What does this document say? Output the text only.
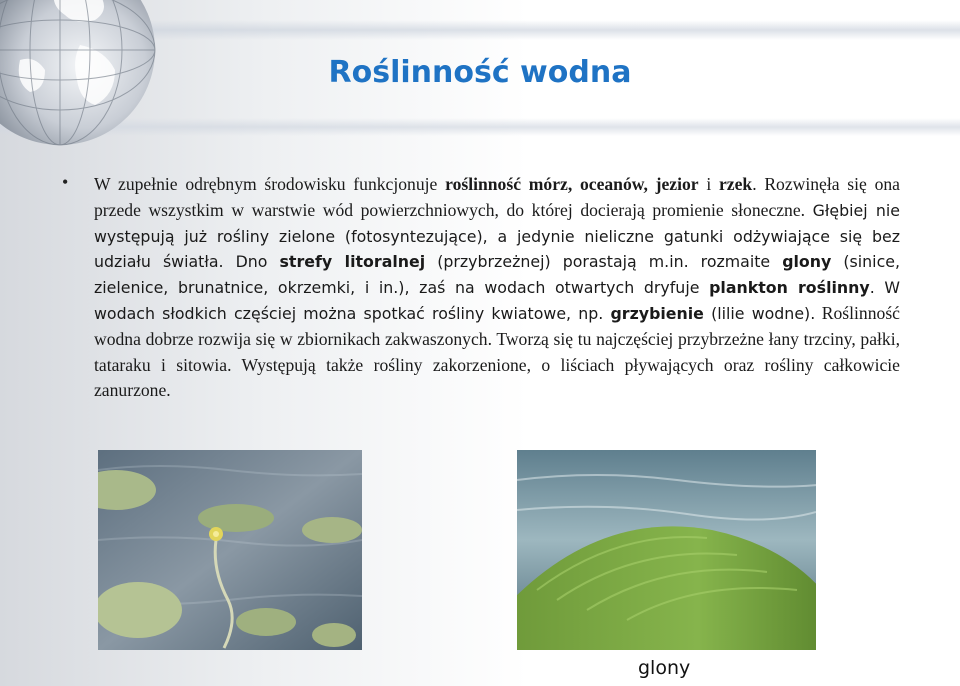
Roślinność wodna
• W zupełnie odrębnym środowisku funkcjonuje roślinność mórz, oceanów, jezior i rzek. Rozwinęła się ona przede wszystkim w warstwie wód powierzchniowych, do której docierają promienie słoneczne. Głębiej nie występują już rośliny zielone (fotosyntezujące), a jedynie nieliczne gatunki odżywiające się bez udziału światła. Dno strefy litoralnej (przybrzeżnej) porastają m.in. rozmaite glony (sinice, zielenice, brunatnice, okrzemki, i in.), zaś na wodach otwartych dryfuje plankton roślinny. W wodach słodkich częściej można spotkać rośliny kwiatowe, np. grzybienie (lilie wodne). Roślinność wodna dobrze rozwija się w zbiornikach zakwaszonych. Tworzą się tu najczęściej przybrzeżne łany trzciny, pałki, tataraku i sitowia. Występują także rośliny zakorzenione, o liściach pływających oraz rośliny całkowicie zanurzone.
glony
